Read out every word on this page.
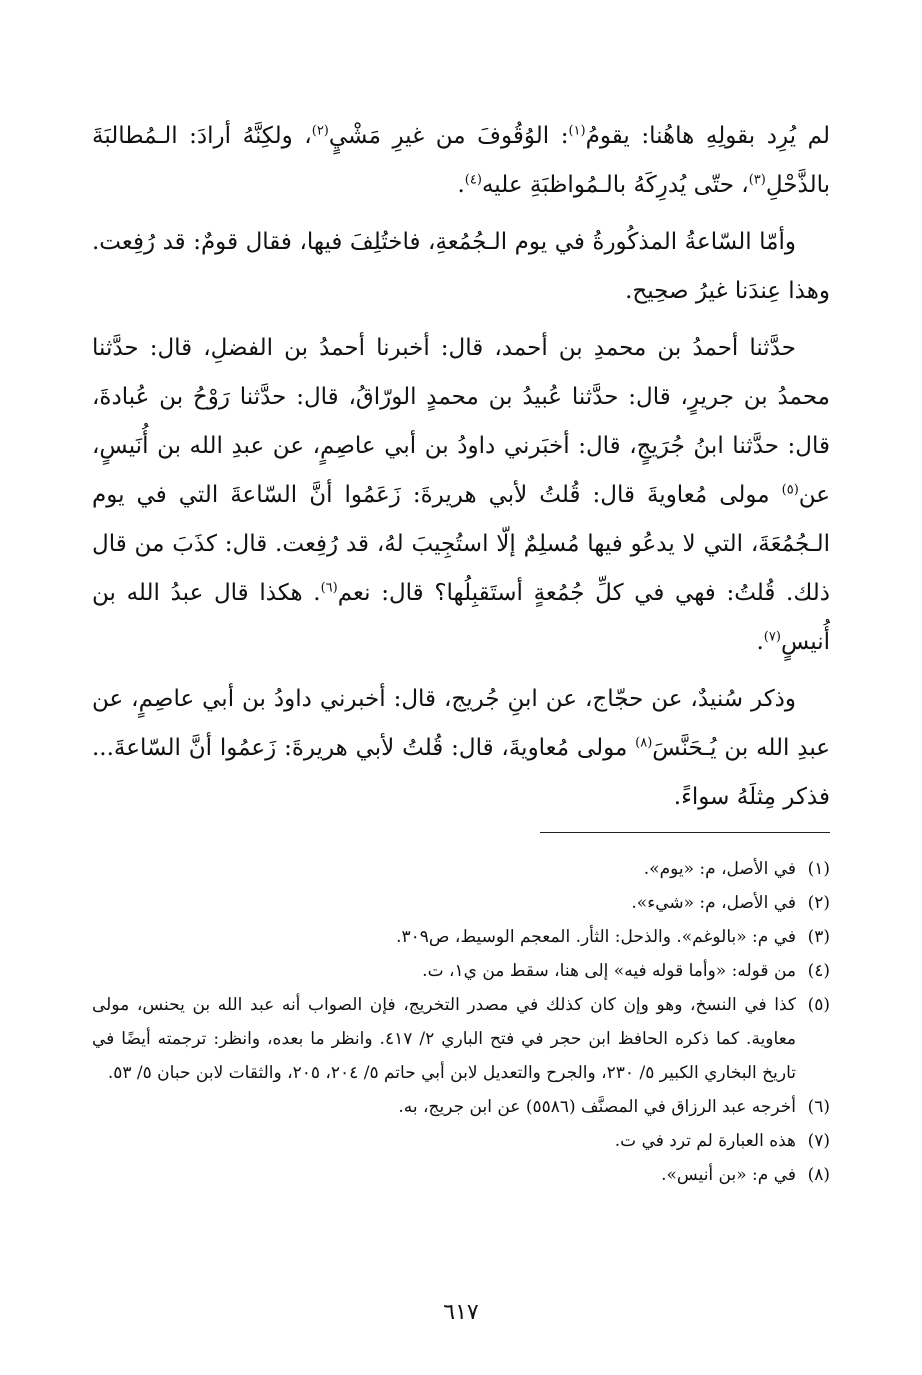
لم يُرِد بقولِهِ هاهُنا: يقومُ$^{(١)}$: الوُقُوفَ من غيرِ مَشْيٍ$^{(٢)}$، ولكِنَّهُ أرادَ: الـمُطالبَةَ بالذَّحْلِ$^{(٣)}$، حتّى يُدرِكَهُ بالـمُواظبَةِ عليه$^{(٤)}$.

وأمّا السّاعةُ المذكُورةُ في يوم الـجُمُعةِ، فاختُلِفَ فيها، فقال قومٌ: قد رُفِعت. وهذا عِندَنا غيرُ صحِيح.

حدَّثنا أحمدُ بن محمدِ بن أحمد، قال: أخبرنا أحمدُ بن الفضلِ، قال: حدَّثنا محمدُ بن جريرٍ، قال: حدَّثنا عُبيدُ بن محمدٍ الورّاقُ، قال: حدَّثنا رَوْحُ بن عُبادةَ، قال: حدَّثنا ابنُ جُرَيجٍ، قال: أخبَرني داودُ بن أبي عاصِمٍ، عن عبدِ الله بن أُنَيسٍ، عن$^{(٥)}$ مولى مُعاويةَ قال: قُلتُ لأبي هريرةَ: زَعَمُوا أنَّ السّاعةَ التي في يوم الـجُمُعَةَ، التي لا يدعُو فيها مُسلِمٌ إلّا استُجِيبَ لهُ، قد رُفِعت. قال: كذَبَ من قال ذلك. قُلتُ: فهي في كلِّ جُمُعةٍ أستَقبِلُها؟ قال: نعم$^{(٦)}$. هكذا قال عبدُ الله بن أُنيسٍ$^{(٧)}$.

وذكر سُنيدٌ، عن حجّاج، عن ابنِ جُريج، قال: أخبرني داودُ بن أبي عاصِمٍ، عن عبدِ الله بن يُـحَنَّسَ$^{(٨)}$ مولى مُعاويةَ، قال: قُلتُ لأبي هريرةَ: زَعمُوا أنَّ السّاعةَ... فذكر مِثلَهُ سواءً.

(١)في الأصل، م: «يوم».

(٢)في الأصل، م: «شيء».

(٣)في م: «بالوغم». والذحل: الثأر. المعجم الوسيط، ص٣٠٩.

(٤)من قوله: «وأما قوله فيه» إلى هنا، سقط من ي١، ت.

(٥)كذا في النسخ، وهو وإن كان كذلك في مصدر التخريج، فإن الصواب أنه عبد الله بن يحنس، مولى معاوية. كما ذكره الحافظ ابن حجر في فتح الباري ٢/ ٤١٧. وانظر ما بعده، وانظر: ترجمته أيضًا في تاريخ البخاري الكبير ٥/ ٢٣٠، والجرح والتعديل لابن أبي حاتم ٥/ ٢٠٤، ٢٠٥، والثقات لابن حبان ٥/ ٥٣.

(٦)أخرجه عبد الرزاق في المصنَّف (٥٥٨٦) عن ابن جريج، به.

(٧)هذه العبارة لم ترد في ت.

(٨)في م: «بن أنيس».

٦١٧
